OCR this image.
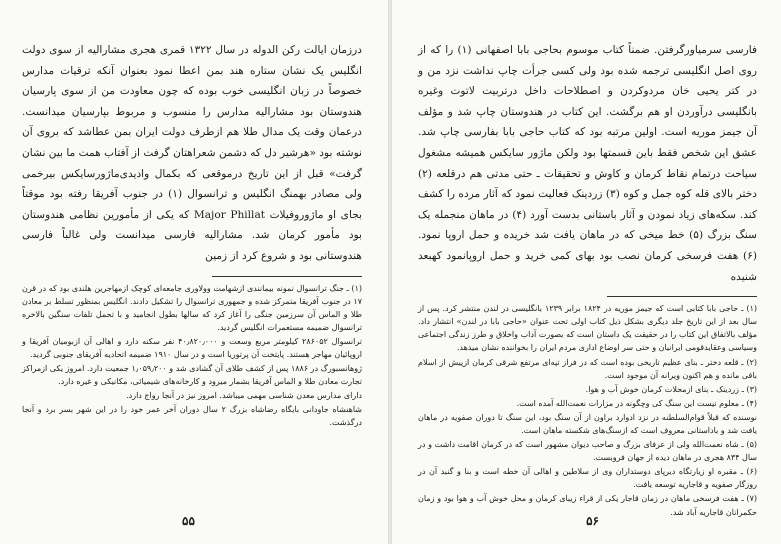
درزمان ایالت رکن الدوله در سال ۱۳۲۲ قمری هجری مشارالیه از سوی دولت انگلیس یک نشان ستاره هند بمن اعطا نمود بعنوان آنکه ترقیات مدارس خصوصاً در زبان انگلیسی خوب بوده که چون معاودت من از سوی پارسیان هندوستان بود مشارالیه مدارس را منسوب و مربوط بپارسیان میدانست. درعمان وقت یک مدال طلا هم ازطرف دولت ایران بمن عطاشد که بروی آن نوشته بود «هرشیر دل که دشمن شعراهتان گرفت از آفتاب همت ما بین نشان گرفت» قبل از این تاریخ درموقعی که بکمال وادیدی‌ماژورسایکس بیرخمی ولی مصادر بهمنگ انگلیس و ترانسوال (۱) در جنوب آفریقا رفته بود موقتاً بجای او ماژوروفیلات Major Phillat که یکی از مأمورین نظامی هندوستان بود مأمور کرمان شد. مشارالیه فارسی میدانست ولی غالباً فارسی هندوستانی بود و شروع کرد از زمین

(۱) ـ جنگ ترانسوال نمونه بیمانندی ازشهامت وولاوری جامعه‌ای کوچک ازمهاجرین هلندی بود که در قرن ۱۷ در جنوب آفریقا متمرکز شده و جمهوری ترانسوال را تشکیل دادند. انگلیس بمنظور تسلط بر معادن طلا و الماس آن سرزمین جنگی را آغاز کرد که سالها بطول انجامید و با تحمل تلفات سنگین بالاخره ترانسوال ضمیمه مستعمرات انگلیس گردید.

ترانسوال ۲۸۶۰۵۲ کیلومتر مربع وسعت و ۴۰٫۸۲۰٫۰۰۰ نفر سکنه دارد و اهالی آن ازبومیان آفریقا و اروپائیان مهاجر هستند. پایتخت آن پرتوریا است و در سال ۱۹۱۰ ضمیمه اتحادیه آفریقای جنوبی گردید.

ژوهانسبورگ در ۱۸۸۶ پس از کشف طلای آن گشادی شد و ۱٫۰۵۹٫۲۰۰ جمعیت دارد. امروز یکی ازمراکز تجارت معادن طلا و الماس آفریقا بشمار میرود و کارخانه‌های شیمیائی، مکانیکی و غیره دارد.

دارای مدارس معدن شناسی مهمی میباشد. امروز نیز در آنجا رواج دارد.

شاهنشاه جاودانی بایگاه رضاشاه بزرگ ۲ سال دوران آخر عمر خود را در این شهر بسر برد و آنجا درگذشت.

۵۵

فارسی سرمیاورگرفتن. ضمناً کتاب موسوم بحاجی بابا اصفهانی (۱) را که از روی اصل انگلیسی ترجمه شده بود ولی کسی جرأت چاپ نداشت نزد من و در کتر یحیی خان مردوکردن و اصطلاحات داخل درتربیت لاتوت وغیره بانگلیسی درآوردن او هم برگشت. این کتاب در هندوستان چاپ شد و مؤلف آن جیمز موریه است. اولین مرتبه بود که کتاب حاجی بابا بفارسی چاپ شد. عشق این شخص فقط باین قسمتها بود ولکن ماژور سایکس همیشه مشغول سیاحت درتمام نقاط کرمان و کاوش و تحقیقات ـ حتی مدتی هم درقلعه (۲) دختر بالای قله کوه جمل و کوه (۳) زردینک فعالیت نمود که آثار مرده را کشف کند. سکه‌های زیاد نمودن و آثار باستانی بدست آورد (۴) در ماهان منجمله یک سنگ بزرگ (۵) خط میخی که در ماهان یافت شد خریده و حمل اروپا نمود. (۶) هفت فرسخی کرمان نصب بود بهای کمی خرید و حمل اروپانمود کهبعد شنیده

(۱) ـ حاجی بابا کتابی است که جیمز موریه در ۱۸۲۴ برابر ۱۲۳۹ بانگلیسی در لندن منتشر کرد. پس از سال بعد از این تاریخ جلد دیگری بشکل ذیل کتاب اولی تحت عنوان «حاجی بابا در لندن» انتشار داد. مؤلف بالاتفاق این کتاب را در حقیقت یک داستان است که بصورت آداب واخلاق و طرز زندگی اجتماعی وسیاسی وعقایدقومی ایرانیان و حتی سر اوضاع اداری مردم ایران را بخواننده نشان میدهد.

(۲) ـ قلعه دختر ـ بنای عظیم تاریخی بوده است که در فراز تپه‌ای مرتفع شرقی کرمان ازپیش از اسلام باقی مانده و هم اکنون ویرانه آن موجود است.

(۳) ـ زردینک ـ بنای ازمحلات کرمان خوش آب و هوا.

(۴) ـ معلوم نیست این سنگ کی وچگونه در مزارات نعمت‌الله آمده است.

نوسنده که قبلاً قوام‌السلطنه در نزد ادوارد براون از آن سنگ بود، این سنگ تا دوران صفویه در ماهان یافت شد و باداستانی معروف است که ازسنگ‌های شکسته ماهان است.

(۵) ـ شاه نعمت‌الله ولی از عرفای بزرگ و صاحب دیوان مشهور است که در کرمان اقامت داشت و در سال ۸۳۴ هجری در ماهان دیده از جهان فروبست.

(۶) ـ مقبره او زیارتگاه دیرپای دوستداران وی از سلاطین و اهالی آن خطه است و بنا و گنبد آن در روزگار صفویه و قاجاریه توسعه یافت.

(۷) ـ هفت فرسخی ماهان در زمان قاجار یکی از قراء زیبای کرمان و محل خوش آب و هوا بود و زمان حکمرانان قاجاریه آباد شد.

۵۶
